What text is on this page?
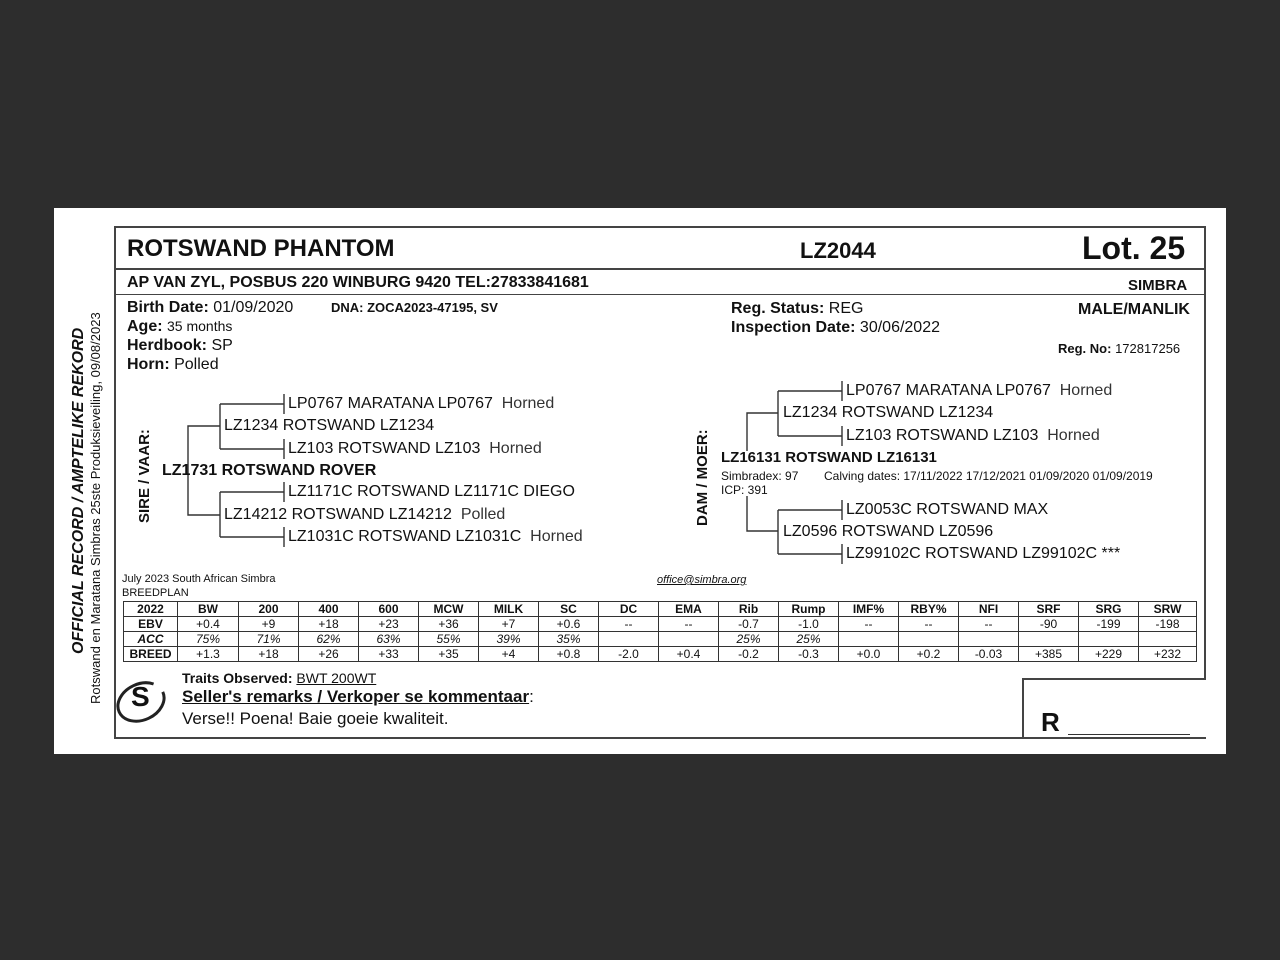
OFFICIAL RECORD / AMPTELIKE REKORD Rotswand en Maratana Simbras 25ste Produksieveiling, 09/08/2023
ROTSWAND PHANTOM	LZ2044	Lot. 25
AP VAN ZYL, POSBUS 220 WINBURG 9420 TEL:27833841681	SIMBRA
Birth Date: 01/09/2020	DNA: ZOCA2023-47195, SV
Age: 35 months
Herdbook: SP
Horn: Polled
Reg. Status: REG
Inspection Date: 30/06/2022
MALE/MANLIK
Reg. No: 172817256
SIRE / VAAR:
LP0767 MARATANA LP0767 Horned
LZ1234 ROTSWAND LZ1234
LZ103 ROTSWAND LZ103 Horned
LZ1731 ROTSWAND ROVER
LZ1171C ROTSWAND LZ1171C DIEGO
LZ14212 ROTSWAND LZ14212 Polled
LZ1031C ROTSWAND LZ1031C Horned
DAM / MOER:
LP0767 MARATANA LP0767 Horned
LZ1234 ROTSWAND LZ1234
LZ103 ROTSWAND LZ103 Horned
LZ16131 ROTSWAND LZ16131
Simbradex: 97 Calving dates: 17/11/2022 17/12/2021 01/09/2020 01/09/2019
ICP: 391
LZ0053C ROTSWAND MAX
LZ0596 ROTSWAND LZ0596
LZ99102C ROTSWAND LZ99102C ***
July 2023 South African Simbra
BREEDPLAN
office@simbra.org
2022	BW	200	400	600	MCW	MILK	SC	DC	EMA	Rib	Rump	IMF%	RBY%	NFI	SRF	SRG	SRW
EBV	+0.4	+9	+18	+23	+36	+7	+0.6	--	--	-0.7	-1.0	--	--	--	-90	-199	-198
ACC	75%	71%	62%	63%	55%	39%	35%			25%	25%						
BREED	+1.3	+18	+26	+33	+35	+4	+0.8	-2.0	+0.4	-0.2	-0.3	+0.0	+0.2	-0.03	+385	+229	+232
S
Traits Observed: BWT 200WT
Seller's remarks / Verkoper se kommentaar:
Verse!! Poena! Baie goeie kwaliteit.	R
